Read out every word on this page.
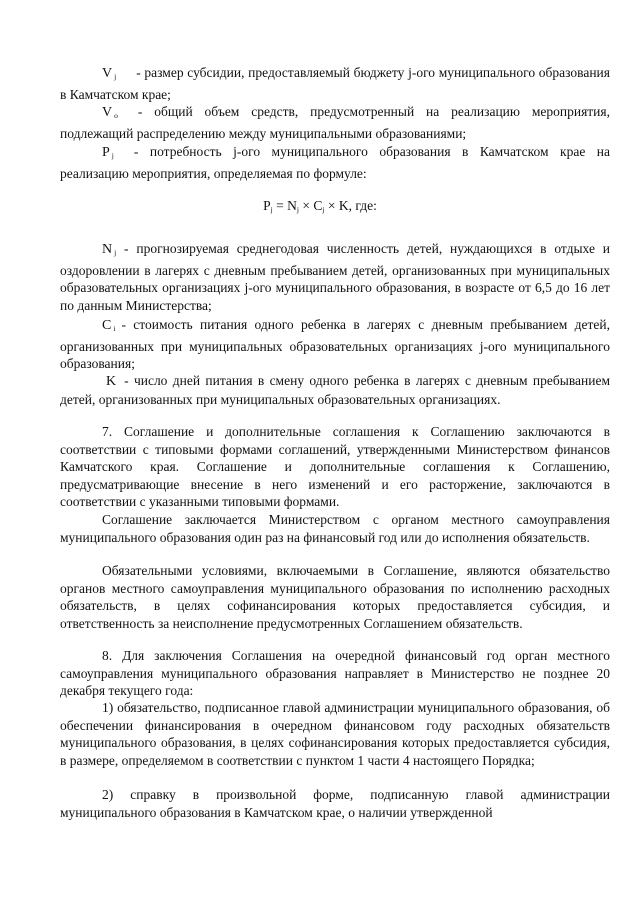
V $_j$ - размер субсидии, предоставляемый бюджету j-ого муниципального образования в Камчатском крае;

V $_o$ - общий объем средств, предусмотренный на реализацию мероприятия, подлежащий распределению между муниципальными образованиями;

P $_j$ - потребность j-ого муниципального образования в Камчатском крае на реализацию мероприятия, определяемая по формуле:

Pj = Nj × Cj × K, где:

N $_j$ - прогнозируемая среднегодовая численность детей, нуждающихся в отдыхе и оздоровлении в лагерях с дневным пребыванием детей, организованных при муниципальных образовательных организациях j-ого муниципального образования, в возрасте от 6,5 до 16 лет по данным Министерства;

C $_i$ - стоимость питания одного ребенка в лагерях с дневным пребыванием детей, организованных при муниципальных образовательных организациях j-ого муниципального образования;

K - число дней питания в смену одного ребенка в лагерях с дневным пребыванием детей, организованных при муниципальных образовательных организациях.

7. Соглашение и дополнительные соглашения к Соглашению заключаются в соответствии с типовыми формами соглашений, утвержденными Министерством финансов Камчатского края. Соглашение и дополнительные соглашения к Соглашению, предусматривающие внесение в него изменений и его расторжение, заключаются в соответствии с указанными типовыми формами.

Соглашение заключается Министерством с органом местного самоуправления муниципального образования один раз на финансовый год или до исполнения обязательств.

Обязательными условиями, включаемыми в Соглашение, являются обязательство органов местного самоуправления муниципального образования по исполнению расходных обязательств, в целях софинансирования которых предоставляется субсидия, и ответственность за неисполнение предусмотренных Соглашением обязательств.

8. Для заключения Соглашения на очередной финансовый год орган местного самоуправления муниципального образования направляет в Министерство не позднее 20 декабря текущего года:

1) обязательство, подписанное главой администрации муниципального образования, об обеспечении финансирования в очередном финансовом году расходных обязательств муниципального образования, в целях софинансирования которых предоставляется субсидия, в размере, определяемом в соответствии с пунктом 1 части 4 настоящего Порядка;

2) справку в произвольной форме, подписанную главой администрации муниципального образования в Камчатском крае, о наличии утвержденной
